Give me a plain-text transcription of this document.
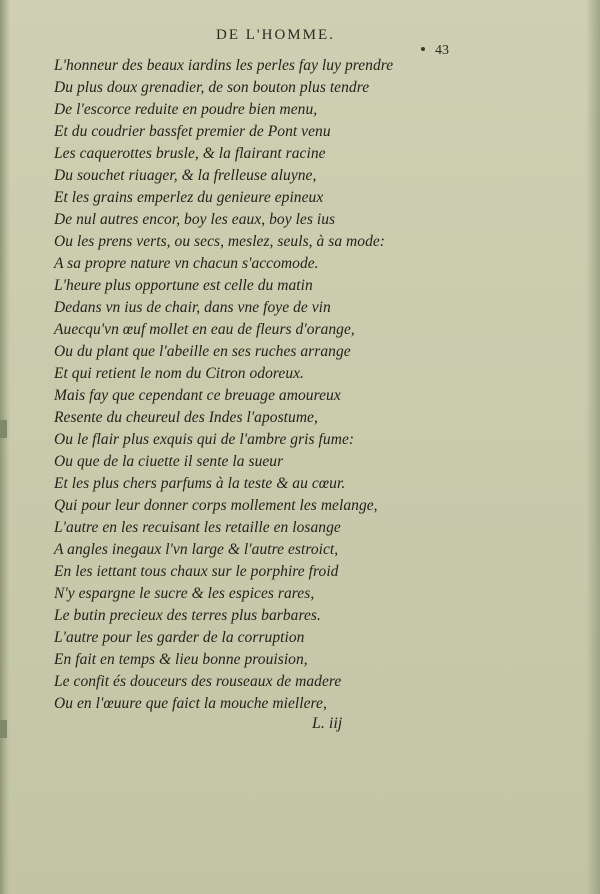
DE L'HOMME.
43
L'honneur des beaux iardins les perles fay luy prendre
Du plus doux grenadier, de son bouton plus tendre
De l'escorce reduite en poudre bien menu,
Et du coudrier bassfet premier de Pont venu
Les caquerottes brusle, & la flairant racine
Du souchet riuager, & la frelleuse aluyne,
Et les grains emperlez du genieure epineux
De nul autres encor, boy les eaux, boy les ius
Ou les prens verts, ou secs, meslez, seuls, à sa mode:
A sa propre nature vn chacun s'accomode.
L'heure plus opportune est celle du matin
Dedans vn ius de chair, dans vne foye de vin
Auecqu'vn œuf mollet en eau de fleurs d'orange,
Ou du plant que l'abeille en ses ruches arrange
Et qui retient le nom du Citron odoreux.
Mais fay que cependant ce breuage amoureux
Resente du cheureul des Indes l'apostume,
Ou le flair plus exquis qui de l'ambre gris fume:
Ou que de la ciuette il sente la sueur
Et les plus chers parfums à la teste & au cœur.
Qui pour leur donner corps mollement les melange,
L'autre en les recuisant les retaille en losange
A angles inegaux l'vn large & l'autre estroict,
En les iettant tous chaux sur le porphire froid
N'y espargne le sucre & les espices rares,
Le butin precieux des terres plus barbares.
L'autre pour les garder de la corruption
En fait en temps & lieu bonne prouision,
Le confit és douceurs des rouseaux de madere
Ou en l'œuure que faict la mouche miellere,
L. iij
